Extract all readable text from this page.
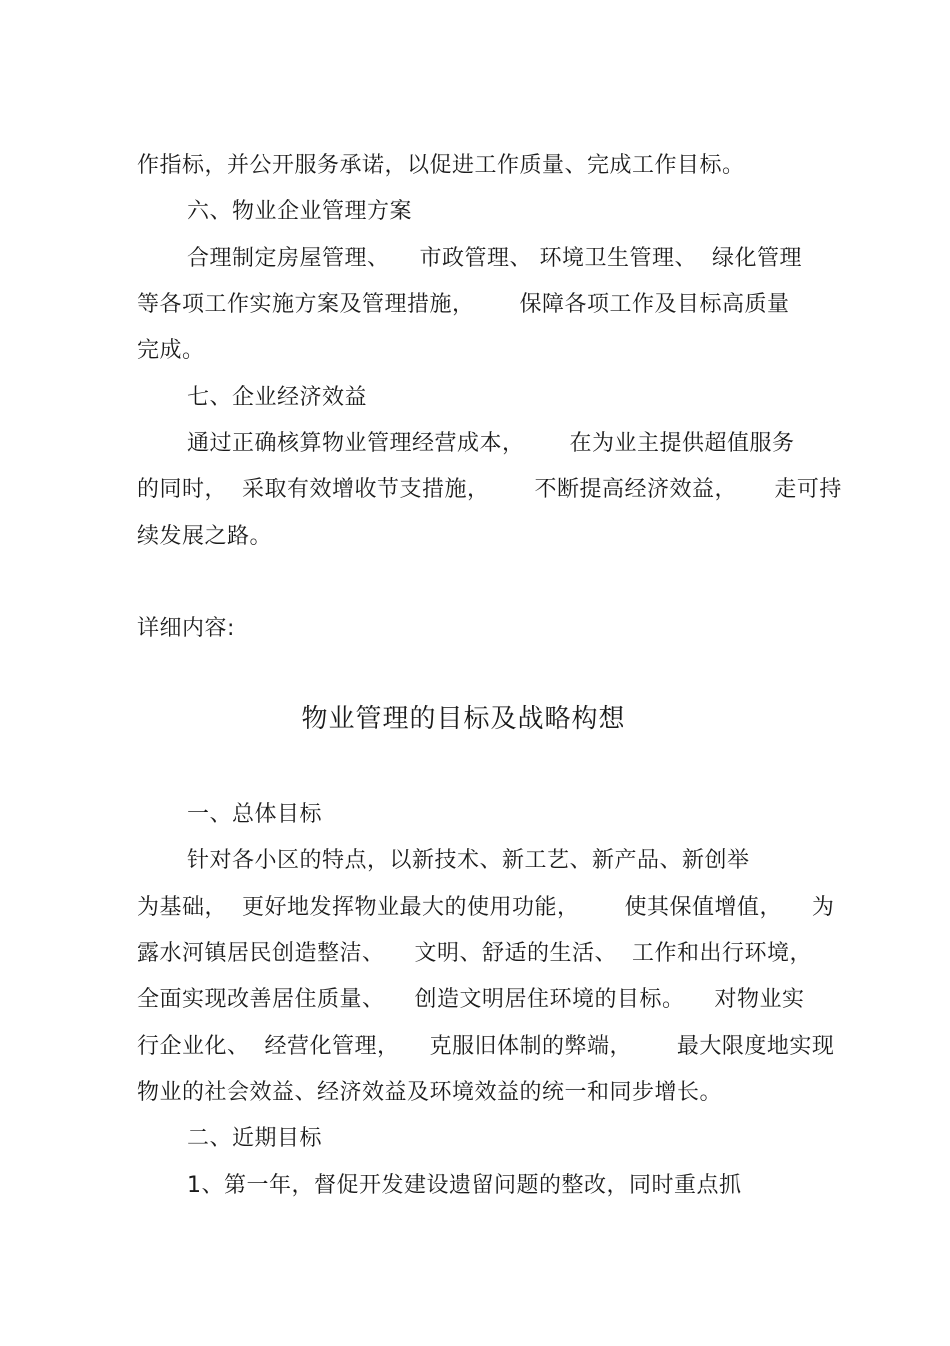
作指标，并公开服务承诺，以促进工作质量、完成工作目标。
六、物业企业管理方案
合理制定房屋管理、    市政管理、 环境卫生管理、  绿化管理
等各项工作实施方案及管理措施，      保障各项工作及目标高质量
完成。
七、企业经济效益
通过正确核算物业管理经营成本，      在为业主提供超值服务
的同时，  采取有效增收节支措施，      不断提高经济效益，     走可持
续发展之路。
详细内容:
物业管理的目标及战略构想
一、总体目标
针对各小区的特点，以新技术、新工艺、新产品、新创举
为基础，  更好地发挥物业最大的使用功能，      使其保值增值，    为
露水河镇居民创造整洁、    文明、舒适的生活、  工作和出行环境，
全面实现改善居住质量、    创造文明居住环境的目标。    对物业实
行企业化、  经营化管理，    克服旧体制的弊端，      最大限度地实现
物业的社会效益、经济效益及环境效益的统一和同步增长。
二、近期目标
1、第一年，督促开发建设遗留问题的整改，同时重点抓
